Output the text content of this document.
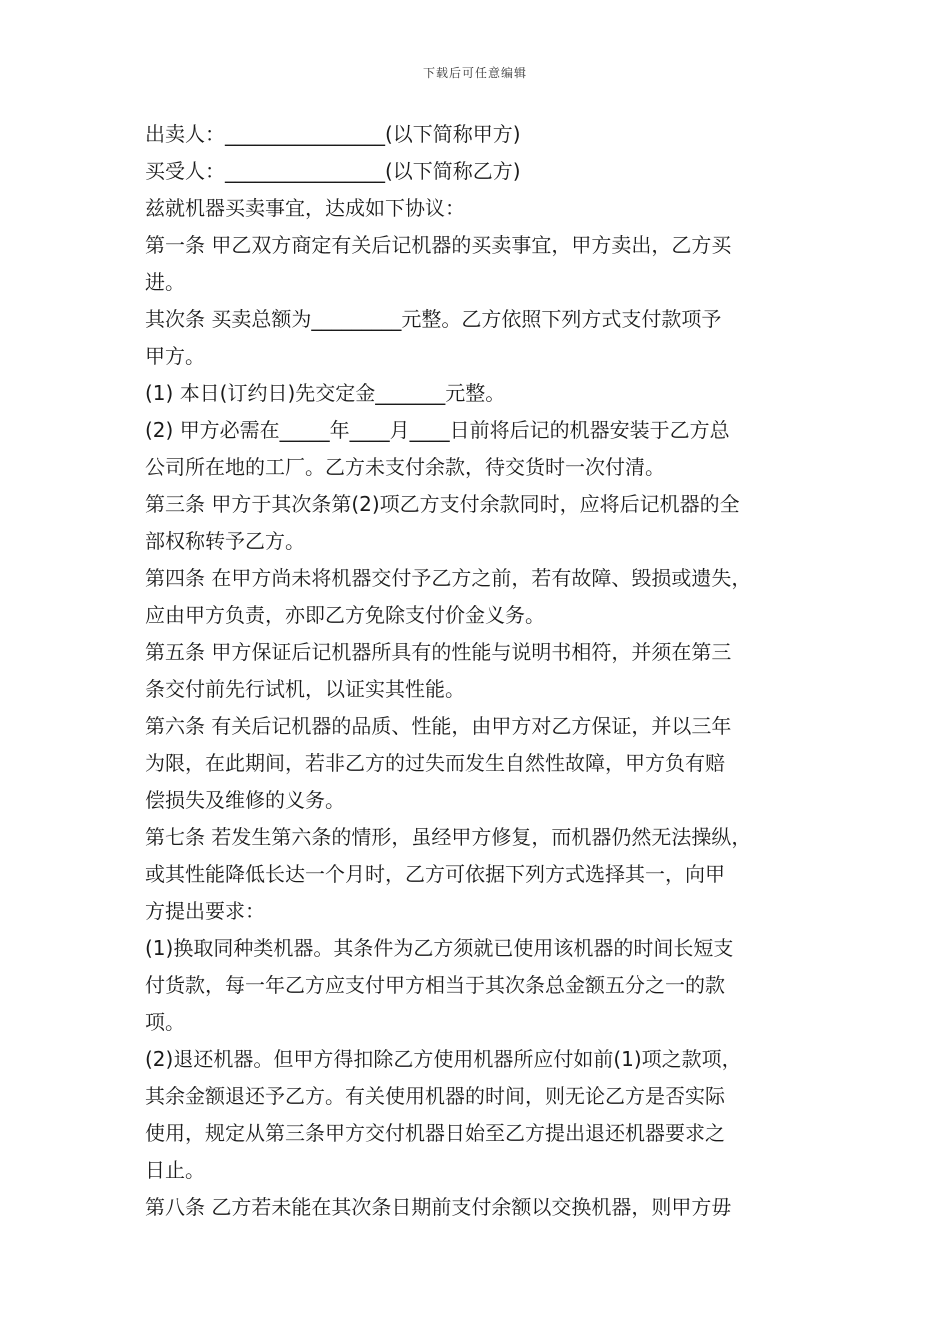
下载后可任意编辑
出卖人：________________(以下简称甲方)
买受人：________________(以下简称乙方)
兹就机器买卖事宜，达成如下协议：
第一条 甲乙双方商定有关后记机器的买卖事宜，甲方卖出，乙方买
进。
其次条 买卖总额为_________元整。乙方依照下列方式支付款项予
甲方。
(1) 本日(订约日)先交定金_______元整。
(2) 甲方必需在_____年____月____日前将后记的机器安装于乙方总
公司所在地的工厂。乙方未支付余款，待交货时一次付清。
第三条 甲方于其次条第(2)项乙方支付余款同时，应将后记机器的全
部权称转予乙方。
第四条 在甲方尚未将机器交付予乙方之前，若有故障、毁损或遗失，
应由甲方负责，亦即乙方免除支付价金义务。
第五条 甲方保证后记机器所具有的性能与说明书相符，并须在第三
条交付前先行试机，以证实其性能。
第六条 有关后记机器的品质、性能，由甲方对乙方保证，并以三年
为限，在此期间，若非乙方的过失而发生自然性故障，甲方负有赔
偿损失及维修的义务。
第七条 若发生第六条的情形，虽经甲方修复，而机器仍然无法操纵，
或其性能降低长达一个月时，乙方可依据下列方式选择其一，向甲
方提出要求：
(1)换取同种类机器。其条件为乙方须就已使用该机器的时间长短支
付货款，每一年乙方应支付甲方相当于其次条总金额五分之一的款
项。
(2)退还机器。但甲方得扣除乙方使用机器所应付如前(1)项之款项，
其余金额退还予乙方。有关使用机器的时间，则无论乙方是否实际
使用，规定从第三条甲方交付机器日始至乙方提出退还机器要求之
日止。
第八条 乙方若未能在其次条日期前支付余额以交换机器，则甲方毋
